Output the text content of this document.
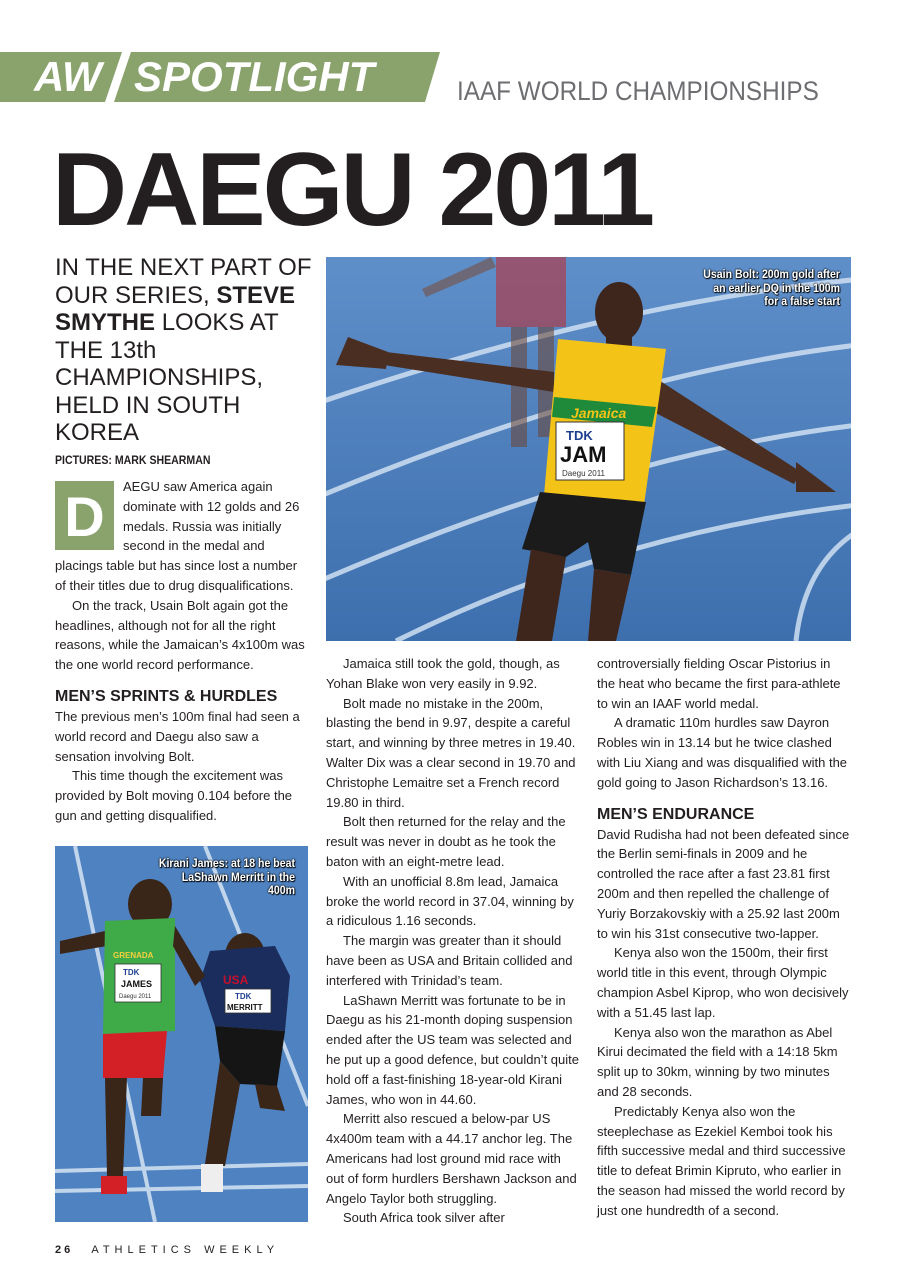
AW SPOTLIGHT	IAAF WORLD CHAMPIONSHIPS
DAEGU 2011
IN THE NEXT PART OF OUR SERIES, STEVE SMYTHE LOOKS AT THE 13th CHAMPIONSHIPS, HELD IN SOUTH KOREA
PICTURES: MARK SHEARMAN
Jamaica
TDK
JAM
Daegu 2011
Usain Bolt: 200m gold after an earlier DQ in the 100m for a false start
TDK
MERRITT
USA
GRENADA
TDK
JAMES
Daegu 2011
Kirani James: at 18 he beat LaShawn Merritt in the 400m
D	AEGU saw America again dominate with 12 golds and 26 medals. Russia was initially second in the medal and placings table but has since lost a number of their titles due to drug disqualifications.

On the track, Usain Bolt again got the headlines, although not for all the right reasons, while the Jamaican’s 4x100m was the one world record performance.

MEN’S SPRINTS & HURDLES

The previous men’s 100m final had seen a world record and Daegu also saw a sensation involving Bolt.

This time though the excitement was provided by Bolt moving 0.104 before the gun and getting disqualified.

Jamaica still took the gold, though, as Yohan Blake won very easily in 9.92.

Bolt made no mistake in the 200m, blasting the bend in 9.97, despite a careful start, and winning by three metres in 19.40. Walter Dix was a clear second in 19.70 and Christophe Lemaitre set a French record 19.80 in third.

Bolt then returned for the relay and the result was never in doubt as he took the baton with an eight-metre lead.

With an unofficial 8.8m lead, Jamaica broke the world record in 37.04, winning by a ridiculous 1.16 seconds.

The margin was greater than it should have been as USA and Britain collided and interfered with Trinidad’s team.

LaShawn Merritt was fortunate to be in Daegu as his 21-month doping suspension ended after the US team was selected and he put up a good defence, but couldn’t quite hold off a fast-finishing 18-year-old Kirani James, who won in 44.60.

Merritt also rescued a below-par US 4x400m team with a 44.17 anchor leg. The Americans had lost ground mid race with out of form hurdlers Bershawn Jackson and Angelo Taylor both struggling.

South Africa took silver after

controversially fielding Oscar Pistorius in the heat who became the first para-athlete to win an IAAF world medal.

A dramatic 110m hurdles saw Dayron Robles win in 13.14 but he twice clashed with Liu Xiang and was disqualified with the gold going to Jason Richardson’s 13.16.

MEN’S ENDURANCE

David Rudisha had not been defeated since the Berlin semi-finals in 2009 and he controlled the race after a fast 23.81 first 200m and then repelled the challenge of Yuriy Borzakovskiy with a 25.92 last 200m to win his 31st consecutive two-lapper.

Kenya also won the 1500m, their first world title in this event, through Olympic champion Asbel Kiprop, who won decisively with a 51.45 last lap.

Kenya also won the marathon as Abel Kirui decimated the field with a 14:18 5km split up to 30km, winning by two minutes and 28 seconds.

Predictably Kenya also won the steeplechase as Ezekiel Kemboi took his fifth successive medal and third successive title to defeat Brimin Kipruto, who earlier in the season had missed the world record by just one hundredth of a second.

26 ATHLETICS WEEKLY
